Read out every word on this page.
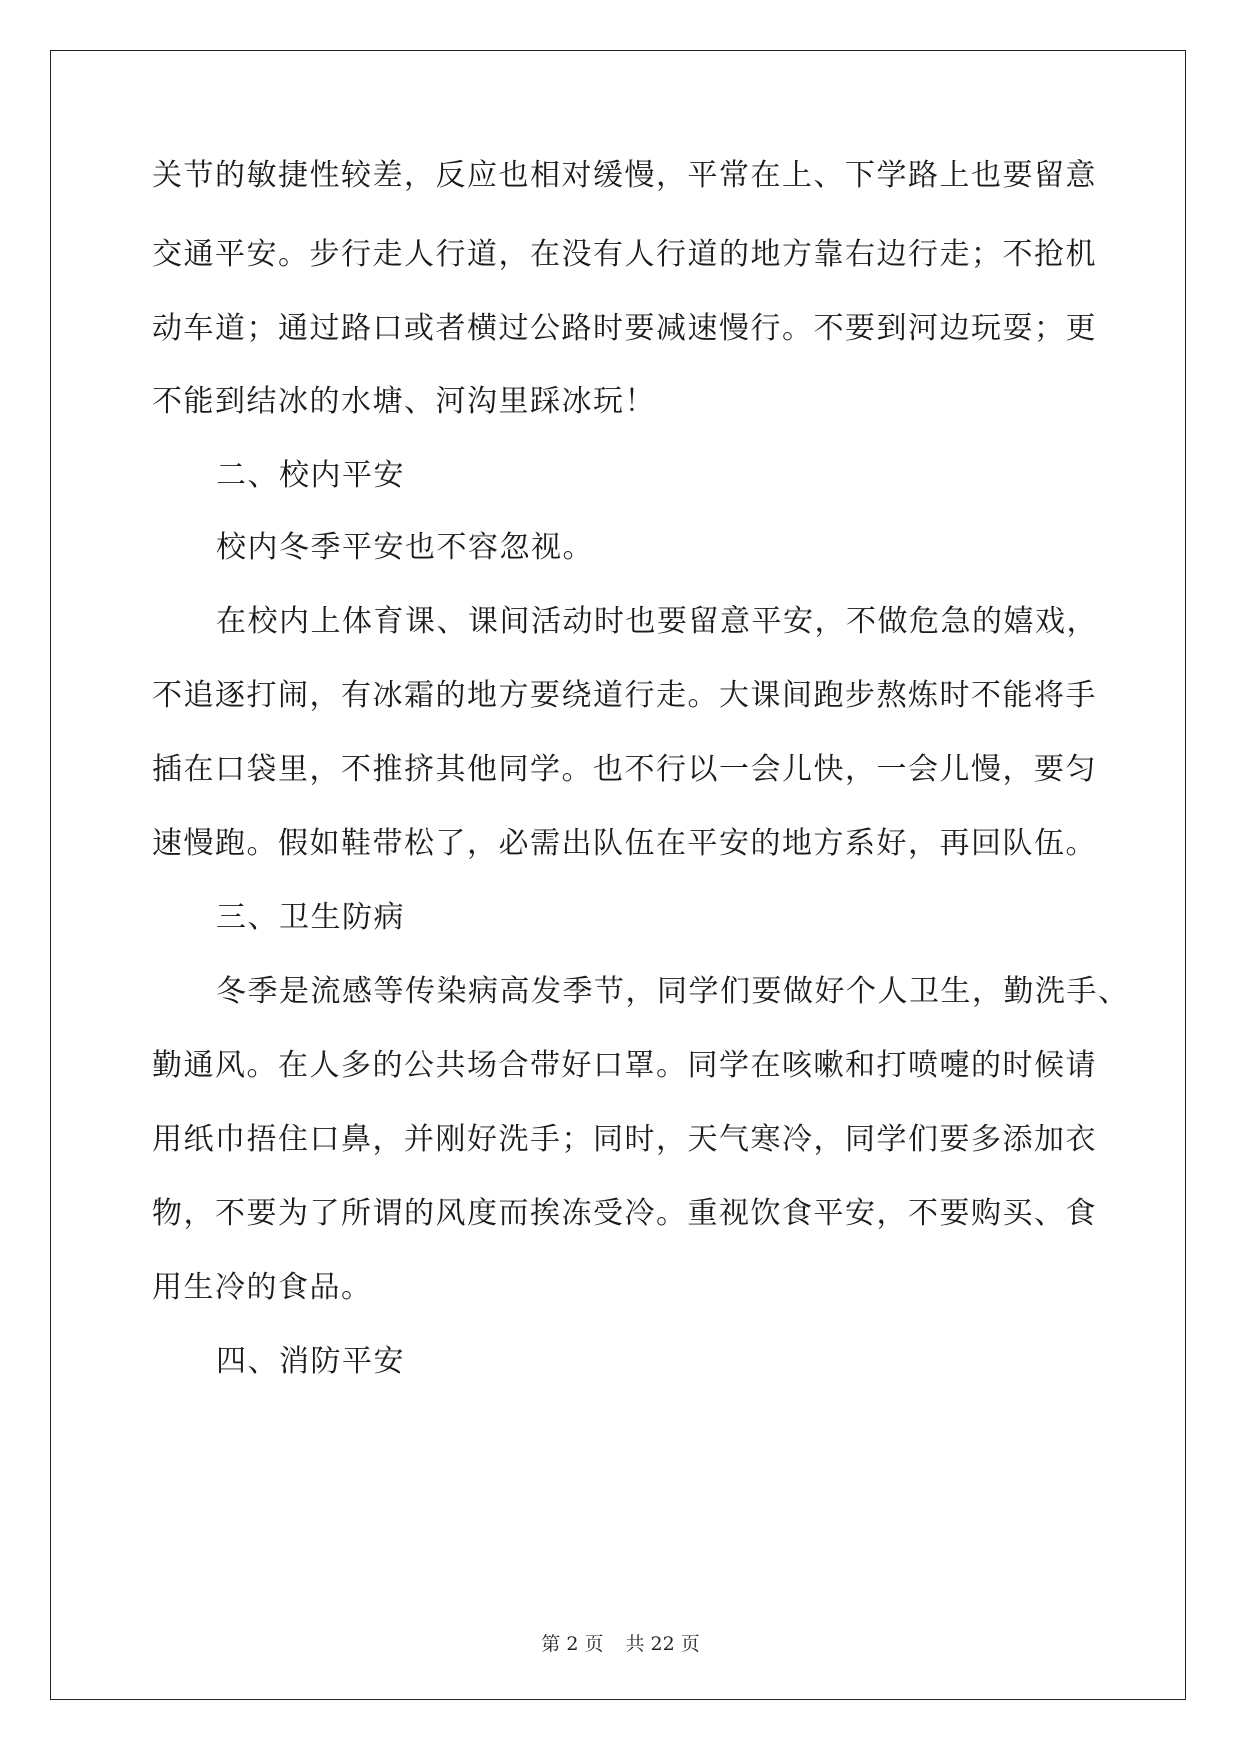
关节的敏捷性较差，反应也相对缓慢，平常在上、下学路上也要留意

交通平安。步行走人行道，在没有人行道的地方靠右边行走；不抢机

动车道；通过路口或者横过公路时要减速慢行。不要到河边玩耍；更

不能到结冰的水塘、河沟里踩冰玩！

二、校内平安

校内冬季平安也不容忽视。

在校内上体育课、课间活动时也要留意平安，不做危急的嬉戏，

不追逐打闹，有冰霜的地方要绕道行走。大课间跑步熬炼时不能将手

插在口袋里，不推挤其他同学。也不行以一会儿快，一会儿慢，要匀

速慢跑。假如鞋带松了，必需出队伍在平安的地方系好，再回队伍。

三、卫生防病

冬季是流感等传染病高发季节，同学们要做好个人卫生，勤洗手、

勤通风。在人多的公共场合带好口罩。同学在咳嗽和打喷嚏的时候请

用纸巾捂住口鼻，并刚好洗手；同时，天气寒冷，同学们要多添加衣

物，不要为了所谓的风度而挨冻受冷。重视饮食平安，不要购买、食

用生冷的食品。

四、消防平安

第 2 页 共 22 页
